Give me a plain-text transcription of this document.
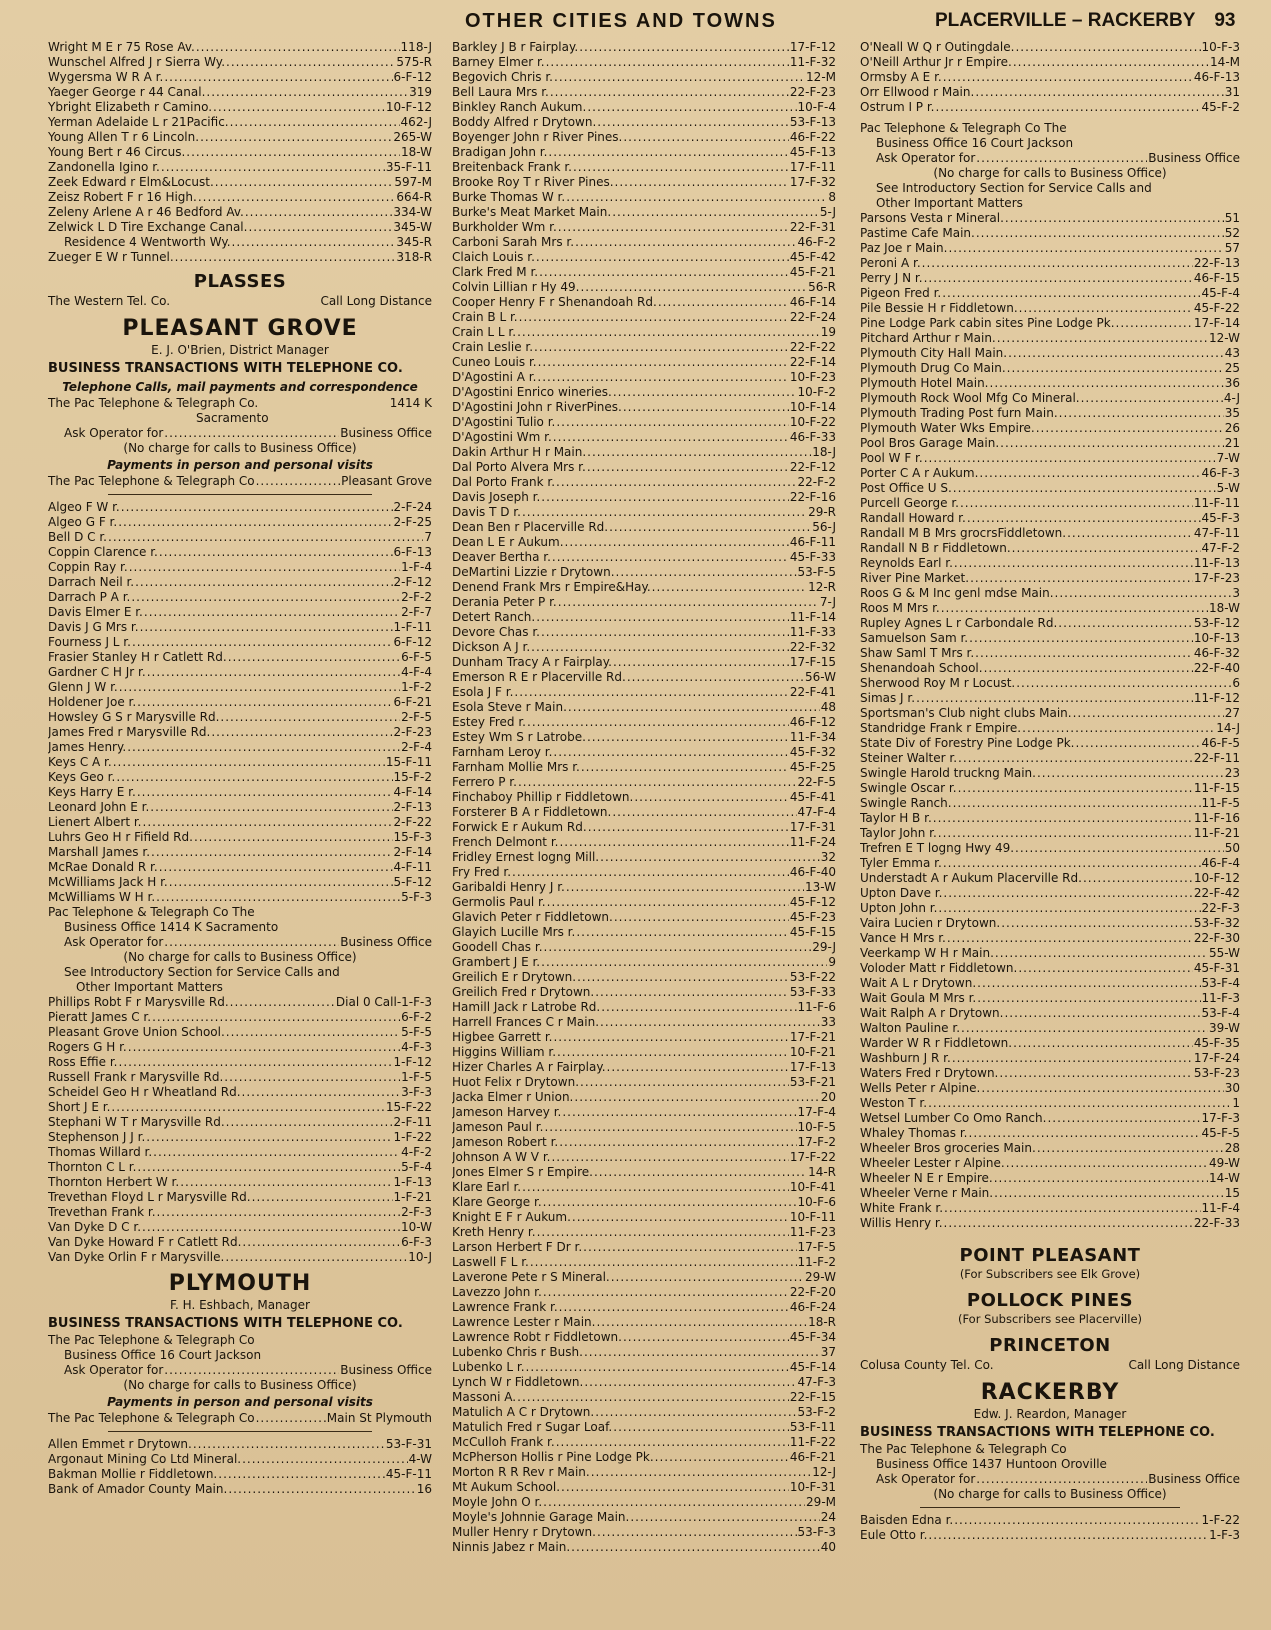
OTHER CITIES AND TOWNS	PLACERVILLE – RACKERBY 93
Wright M E r 75 Rose Av. .....	118-J
Wunschel Alfred J r Sierra Wy. .....	575-R
Wygersma W R A r. .....	6-F-12
Yaeger George r 44 Canal. .....	319
Ybright Elizabeth r Camino. .....	10-F-12
Yerman Adelaide L r 21Pacific. .....	462-J
Young Allen T r 6 Lincoln. .....	265-W
Young Bert r 46 Circus. .....	18-W
Zandonella Igino r. .....	35-F-11
Zeek Edward r Elm&Locust. .....	597-M
Zeisz Robert F r 16 High. .....	664-R
Zeleny Arlene A r 46 Bedford Av. .....	334-W
Zelwick L D Tire Exchange Canal. .....	345-W
Residence 4 Wentworth Wy. .....	345-R
Zueger E W r Tunnel. .....	318-R
PLASSES
The Western Tel. Co.	Call Long Distance
PLEASANT GROVE
E. J. O'Brien, District Manager
BUSINESS TRANSACTIONS WITH TELEPHONE CO.
Telephone Calls, mail payments and correspondence
The Pac Telephone & Telegraph Co.	1414 K
Sacramento
Ask Operator for .....	Business Office
(No charge for calls to Business Office)
Payments in person and personal visits
The Pac Telephone & Telegraph Co .....	Pleasant Grove
Algeo F W r. .....	2-F-24
Algeo G F r. .....	2-F-25
Bell D C r. .....	7
Coppin Clarence r. .....	6-F-13
Coppin Ray r. .....	1-F-4
Darrach Neil r. .....	2-F-12
Darrach P A r. .....	2-F-2
Davis Elmer E r. .....	2-F-7
Davis J G Mrs r. .....	1-F-11
Fourness J L r. .....	6-F-12
Frasier Stanley H r Catlett Rd. .....	6-F-5
Gardner C H Jr r. .....	4-F-4
Glenn J W r. .....	1-F-2
Holdener Joe r. .....	6-F-21
Howsley G S r Marysville Rd. .....	2-F-5
James Fred r Marysville Rd. .....	2-F-23
James Henry. .....	2-F-4
Keys C A r. .....	15-F-11
Keys Geo r. .....	15-F-2
Keys Harry E r. .....	4-F-14
Leonard John E r. .....	2-F-13
Lienert Albert r. .....	2-F-22
Luhrs Geo H r Fifield Rd. .....	15-F-3
Marshall James r. .....	2-F-14
McRae Donald R r. .....	4-F-11
McWilliams Jack H r. .....	5-F-12
McWilliams W H r. .....	5-F-3
Pac Telephone & Telegraph Co The
Business Office 1414 K Sacramento
Ask Operator for .....	Business Office
(No charge for calls to Business Office)
See Introductory Section for Service Calls and
Other Important Matters
Phillips Robt F r Marysville Rd. .....	Dial 0 Call-1-F-3
Pieratt James C r. .....	6-F-2
Pleasant Grove Union School. .....	5-F-5
Rogers G H r. .....	4-F-3
Ross Effie r. .....	1-F-12
Russell Frank r Marysville Rd. .....	1-F-5
Scheidel Geo H r Wheatland Rd. .....	3-F-3
Short J E r. .....	15-F-22
Stephani W T r Marysville Rd. .....	2-F-11
Stephenson J J r. .....	1-F-22
Thomas Willard r. .....	4-F-2
Thornton C L r. .....	5-F-4
Thornton Herbert W r. .....	1-F-13
Trevethan Floyd L r Marysville Rd. .....	1-F-21
Trevethan Frank r. .....	2-F-3
Van Dyke D C r. .....	10-W
Van Dyke Howard F r Catlett Rd. .....	6-F-3
Van Dyke Orlin F r Marysville. .....	10-J
PLYMOUTH
F. H. Eshbach, Manager
BUSINESS TRANSACTIONS WITH TELEPHONE CO.
The Pac Telephone & Telegraph Co
Business Office 16 Court Jackson
Ask Operator for .....	Business Office
(No charge for calls to Business Office)
Payments in person and personal visits
The Pac Telephone & Telegraph Co .....	Main St Plymouth
Allen Emmet r Drytown. .....	53-F-31
Argonaut Mining Co Ltd Mineral. .....	4-W
Bakman Mollie r Fiddletown. .....	45-F-11
Bank of Amador County Main. .....	16
Barkley J B r Fairplay. .....	17-F-12
Barney Elmer r. .....	11-F-32
Begovich Chris r. .....	12-M
Bell Laura Mrs r. .....	22-F-23
Binkley Ranch Aukum. .....	10-F-4
Boddy Alfred r Drytown. .....	53-F-13
Boyenger John r River Pines. .....	46-F-22
Bradigan John r. .....	45-F-13
Breitenback Frank r. .....	17-F-11
Brooke Roy T r River Pines. .....	17-F-32
Burke Thomas W r. .....	8
Burke's Meat Market Main. .....	5-J
Burkholder Wm r. .....	22-F-31
Carboni Sarah Mrs r. .....	46-F-2
Claich Louis r. .....	45-F-42
Clark Fred M r. .....	45-F-21
Colvin Lillian r Hy 49. .....	56-R
Cooper Henry F r Shenandoah Rd. .....	46-F-14
Crain B L r. .....	22-F-24
Crain L L r. .....	19
Crain Leslie r. .....	22-F-22
Cuneo Louis r. .....	22-F-14
D'Agostini A r. .....	10-F-23
D'Agostini Enrico wineries. .....	10-F-2
D'Agostini John r RiverPines. .....	10-F-14
D'Agostini Tulio r. .....	10-F-22
D'Agostini Wm r. .....	46-F-33
Dakin Arthur H r Main. .....	18-J
Dal Porto Alvera Mrs r. .....	22-F-12
Dal Porto Frank r. .....	22-F-2
Davis Joseph r. .....	22-F-16
Davis T D r. .....	29-R
Dean Ben r Placerville Rd. .....	56-J
Dean L E r Aukum. .....	46-F-11
Deaver Bertha r. .....	45-F-33
DeMartini Lizzie r Drytown. .....	53-F-5
Denend Frank Mrs r Empire&Hay. .....	12-R
Derania Peter P r. .....	7-J
Detert Ranch. .....	11-F-14
Devore Chas r. .....	11-F-33
Dickson A J r. .....	22-F-32
Dunham Tracy A r Fairplay. .....	17-F-15
Emerson R E r Placerville Rd. .....	56-W
Esola J F r. .....	22-F-41
Esola Steve r Main. .....	48
Estey Fred r. .....	46-F-12
Estey Wm S r Latrobe. .....	11-F-34
Farnham Leroy r. .....	45-F-32
Farnham Mollie Mrs r. .....	45-F-25
Ferrero P r. .....	22-F-5
Finchaboy Phillip r Fiddletown. .....	45-F-41
Forsterer B A r Fiddletown. .....	47-F-4
Forwick E r Aukum Rd. .....	17-F-31
French Delmont r. .....	11-F-24
Fridley Ernest logng Mill. .....	32
Fry Fred r. .....	46-F-40
Garibaldi Henry J r. .....	13-W
Germolis Paul r. .....	45-F-12
Glavich Peter r Fiddletown. .....	45-F-23
Glayich Lucille Mrs r. .....	45-F-15
Goodell Chas r. .....	29-J
Grambert J E r. .....	9
Greilich E r Drytown. .....	53-F-22
Greilich Fred r Drytown. .....	53-F-33
Hamill Jack r Latrobe Rd. .....	11-F-6
Harrell Frances C r Main. .....	33
Higbee Garrett r. .....	17-F-21
Higgins William r. .....	10-F-21
Hizer Charles A r Fairplay. .....	17-F-13
Huot Felix r Drytown. .....	53-F-21
Jacka Elmer r Union. .....	20
Jameson Harvey r. .....	17-F-4
Jameson Paul r. .....	10-F-5
Jameson Robert r. .....	17-F-2
Johnson A W V r. .....	17-F-22
Jones Elmer S r Empire. .....	14-R
Klare Earl r. .....	10-F-41
Klare George r. .....	10-F-6
Knight E F r Aukum. .....	10-F-11
Kreth Henry r. .....	11-F-23
Larson Herbert F Dr r. .....	17-F-5
Laswell F L r. .....	11-F-2
Laverone Pete r S Mineral. .....	29-W
Lavezzo John r. .....	22-F-20
Lawrence Frank r. .....	46-F-24
Lawrence Lester r Main. .....	18-R
Lawrence Robt r Fiddletown. .....	45-F-34
Lubenko Chris r Bush. .....	37
Lubenko L r. .....	45-F-14
Lynch W r Fiddletown. .....	47-F-3
Massoni A. .....	22-F-15
Matulich A C r Drytown. .....	53-F-2
Matulich Fred r Sugar Loaf. .....	53-F-11
McCulloh Frank r. .....	11-F-22
McPherson Hollis r Pine Lodge Pk. .....	46-F-21
Morton R R Rev r Main. .....	12-J
Mt Aukum School. .....	10-F-31
Moyle John O r. .....	29-M
Moyle's Johnnie Garage Main. .....	24
Muller Henry r Drytown. .....	53-F-3
Ninnis Jabez r Main. .....	40
O'Neall W Q r Outingdale. .....	10-F-3
O'Neill Arthur Jr r Empire. .....	14-M
Ormsby A E r. .....	46-F-13
Orr Ellwood r Main. .....	31
Ostrum I P r. .....	45-F-2
Pac Telephone & Telegraph Co The
Business Office 16 Court Jackson
Ask Operator for .....	Business Office
(No charge for calls to Business Office)
See Introductory Section for Service Calls and
Other Important Matters
Parsons Vesta r Mineral. .....	51
Pastime Cafe Main. .....	52
Paz Joe r Main. .....	57
Peroni A r. .....	22-F-13
Perry J N r. .....	46-F-15
Pigeon Fred r. .....	45-F-4
Pile Bessie H r Fiddletown. .....	45-F-22
Pine Lodge Park cabin sites Pine Lodge Pk. .....	17-F-14
Pitchard Arthur r Main. .....	12-W
Plymouth City Hall Main. .....	43
Plymouth Drug Co Main. .....	25
Plymouth Hotel Main. .....	36
Plymouth Rock Wool Mfg Co Mineral. .....	4-J
Plymouth Trading Post furn Main. .....	35
Plymouth Water Wks Empire. .....	26
Pool Bros Garage Main. .....	21
Pool W F r. .....	7-W
Porter C A r Aukum. .....	46-F-3
Post Office U S. .....	5-W
Purcell George r. .....	11-F-11
Randall Howard r. .....	45-F-3
Randall M B Mrs grocrsFiddletown. .....	47-F-11
Randall N B r Fiddletown. .....	47-F-2
Reynolds Earl r. .....	11-F-13
River Pine Market. .....	17-F-23
Roos G & M Inc genl mdse Main. .....	3
Roos M Mrs r. .....	18-W
Rupley Agnes L r Carbondale Rd. .....	53-F-12
Samuelson Sam r. .....	10-F-13
Shaw Saml T Mrs r. .....	46-F-32
Shenandoah School. .....	22-F-40
Sherwood Roy M r Locust. .....	6
Simas J r. .....	11-F-12
Sportsman's Club night clubs Main. .....	27
Standridge Frank r Empire. .....	14-J
State Div of Forestry Pine Lodge Pk. .....	46-F-5
Steiner Walter r. .....	22-F-11
Swingle Harold truckng Main. .....	23
Swingle Oscar r. .....	11-F-15
Swingle Ranch. .....	11-F-5
Taylor H B r. .....	11-F-16
Taylor John r. .....	11-F-21
Trefren E T logng Hwy 49. .....	50
Tyler Emma r. .....	46-F-4
Understadt A r Aukum Placerville Rd. .....	10-F-12
Upton Dave r. .....	22-F-42
Upton John r. .....	22-F-3
Vaira Lucien r Drytown. .....	53-F-32
Vance H Mrs r. .....	22-F-30
Veerkamp W H r Main. .....	55-W
Voloder Matt r Fiddletown. .....	45-F-31
Wait A L r Drytown. .....	53-F-4
Wait Goula M Mrs r. .....	11-F-3
Wait Ralph A r Drytown. .....	53-F-4
Walton Pauline r. .....	39-W
Warder W R r Fiddletown. .....	45-F-35
Washburn J R r. .....	17-F-24
Waters Fred r Drytown. .....	53-F-23
Wells Peter r Alpine. .....	30
Weston T r. .....	1
Wetsel Lumber Co Omo Ranch. .....	17-F-3
Whaley Thomas r. .....	45-F-5
Wheeler Bros groceries Main. .....	28
Wheeler Lester r Alpine. .....	49-W
Wheeler N E r Empire. .....	14-W
Wheeler Verne r Main. .....	15
White Frank r. .....	11-F-4
Willis Henry r. .....	22-F-33
POINT PLEASANT
(For Subscribers see Elk Grove)
POLLOCK PINES
(For Subscribers see Placerville)
PRINCETON
Colusa County Tel. Co.	Call Long Distance
RACKERBY
Edw. J. Reardon, Manager
BUSINESS TRANSACTIONS WITH TELEPHONE CO.
The Pac Telephone & Telegraph Co
Business Office 1437 Huntoon Oroville
Ask Operator for .....	Business Office
(No charge for calls to Business Office)
Baisden Edna r. .....	1-F-22
Eule Otto r. .....	1-F-3
